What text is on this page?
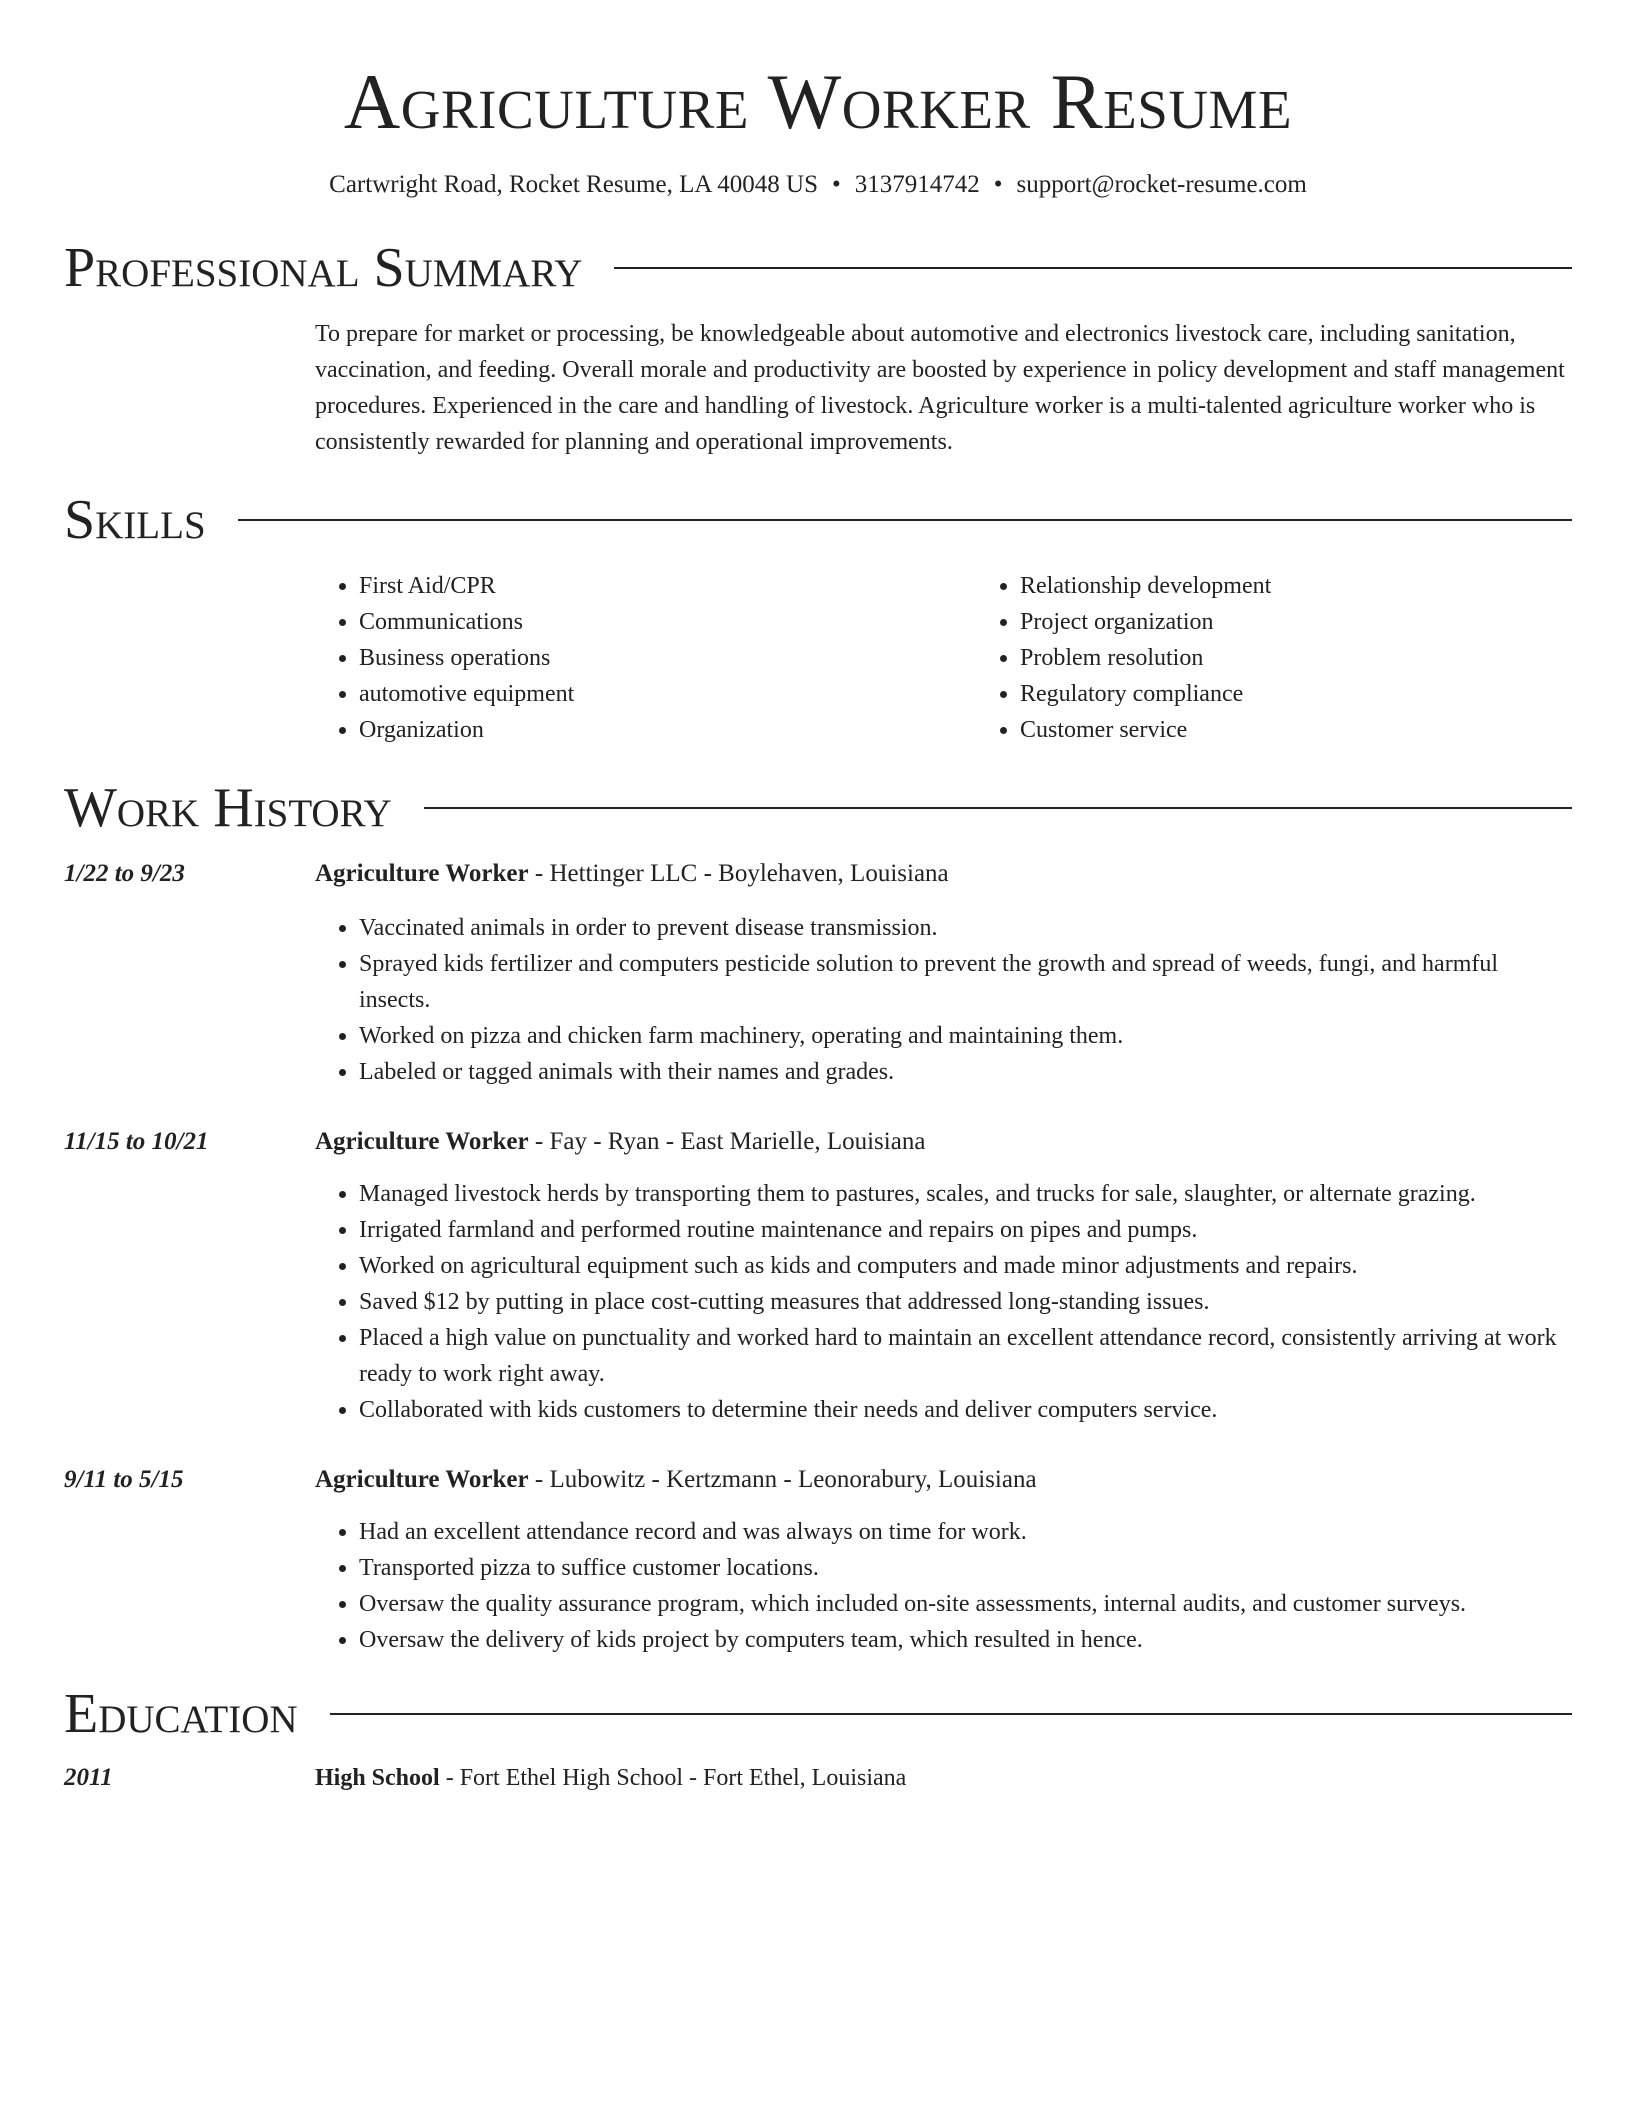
Agriculture Worker Resume
Cartwright Road, Rocket Resume, LA 40048 US • 3137914742 • support@rocket-resume.com
Professional Summary
To prepare for market or processing, be knowledgeable about automotive and electronics livestock care, including sanitation, vaccination, and feeding. Overall morale and productivity are boosted by experience in policy development and staff management procedures. Experienced in the care and handling of livestock. Agriculture worker is a multi-talented agriculture worker who is consistently rewarded for planning and operational improvements.
Skills
• First Aid/CPR
• Communications
• Business operations
• automotive equipment
• Organization
• Relationship development
• Project organization
• Problem resolution
• Regulatory compliance
• Customer service
Work History
1/22 to 9/23	Agriculture Worker - Hettinger LLC - Boylehaven, Louisiana
• Vaccinated animals in order to prevent disease transmission.
• Sprayed kids fertilizer and computers pesticide solution to prevent the growth and spread of weeds, fungi, and harmful insects.
• Worked on pizza and chicken farm machinery, operating and maintaining them.
• Labeled or tagged animals with their names and grades.
11/15 to 10/21	Agriculture Worker - Fay - Ryan - East Marielle, Louisiana
• Managed livestock herds by transporting them to pastures, scales, and trucks for sale, slaughter, or alternate grazing.
• Irrigated farmland and performed routine maintenance and repairs on pipes and pumps.
• Worked on agricultural equipment such as kids and computers and made minor adjustments and repairs.
• Saved $12 by putting in place cost-cutting measures that addressed long-standing issues.
• Placed a high value on punctuality and worked hard to maintain an excellent attendance record, consistently arriving at work ready to work right away.
• Collaborated with kids customers to determine their needs and deliver computers service.
9/11 to 5/15	Agriculture Worker - Lubowitz - Kertzmann - Leonorabury, Louisiana
• Had an excellent attendance record and was always on time for work.
• Transported pizza to suffice customer locations.
• Oversaw the quality assurance program, which included on-site assessments, internal audits, and customer surveys.
• Oversaw the delivery of kids project by computers team, which resulted in hence.
Education
2011	High School - Fort Ethel High School - Fort Ethel, Louisiana
